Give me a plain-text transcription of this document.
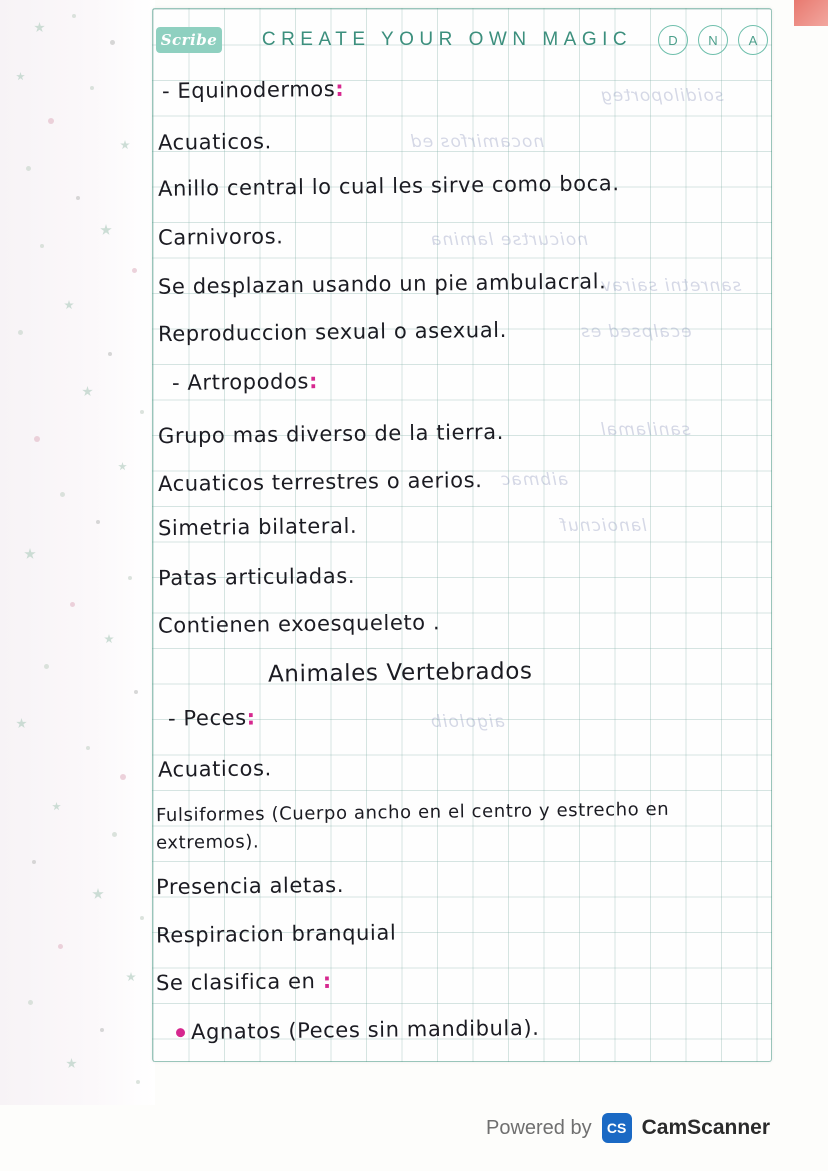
Scribe	CREATE YOUR OWN MAGIC	D	N	A
soidiloporteg
nocamirfos ed
noicurtse lamina
sanretni sairav
ecalpsed es
sanilamal
aibmac
lanoicnuf
aigoloib
- Equinodermos:
Acuaticos.
Anillo central lo cual les sirve como boca.
Carnivoros.
Se desplazan usando un pie ambulacral.
Reproduccion sexual o asexual.
- Artropodos:
Grupo mas diverso de la tierra.
Acuaticos terrestres o aerios.
Simetria bilateral.
Patas articuladas.
Contienen exoesqueleto .
Animales Vertebrados
- Peces:
Acuaticos.
Fulsiformes (Cuerpo ancho en el centro y estrecho en
extremos).
Presencia aletas.
Respiracion branquial
Se clasifica en :
Agnatos (Peces sin mandibula).
Powered by	CS CamScanner
